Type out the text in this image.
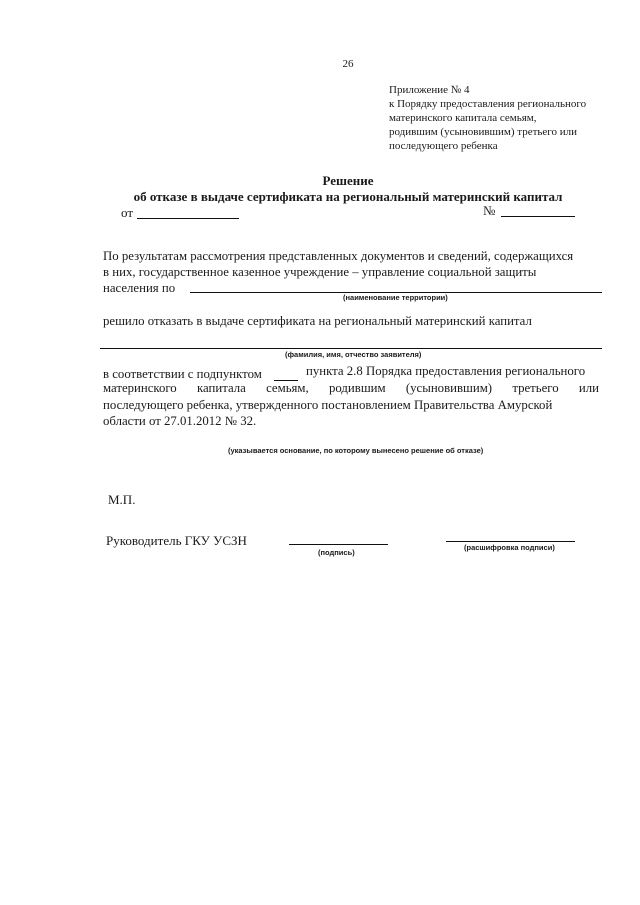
26
Приложение № 4
к Порядку предоставления регионального
материнского капитала семьям,
родившим (усыновившим) третьего или
последующего ребенка
Решение
об отказе в выдаче сертификата на региональный материнский капитал
от	№
По результатам рассмотрения представленных документов и сведений, содержащихся
в них, государственное казенное учреждение – управление социальной защиты
населения по
(наименование территории)
решило отказать в выдаче сертификата на региональный материнский капитал
(фамилия, имя, отчество заявителя)
в соответствии с подпунктом	пункта 2.8 Порядка предоставления регионального
материнского капитала семьям, родившим (усыновившим) третьего или
последующего ребенка, утвержденного постановлением Правительства Амурской
области от 27.01.2012 № 32.
(указывается основание, по которому вынесено решение об отказе)
М.П.
Руководитель ГКУ УСЗН
(подпись)
(расшифровка подписи)
